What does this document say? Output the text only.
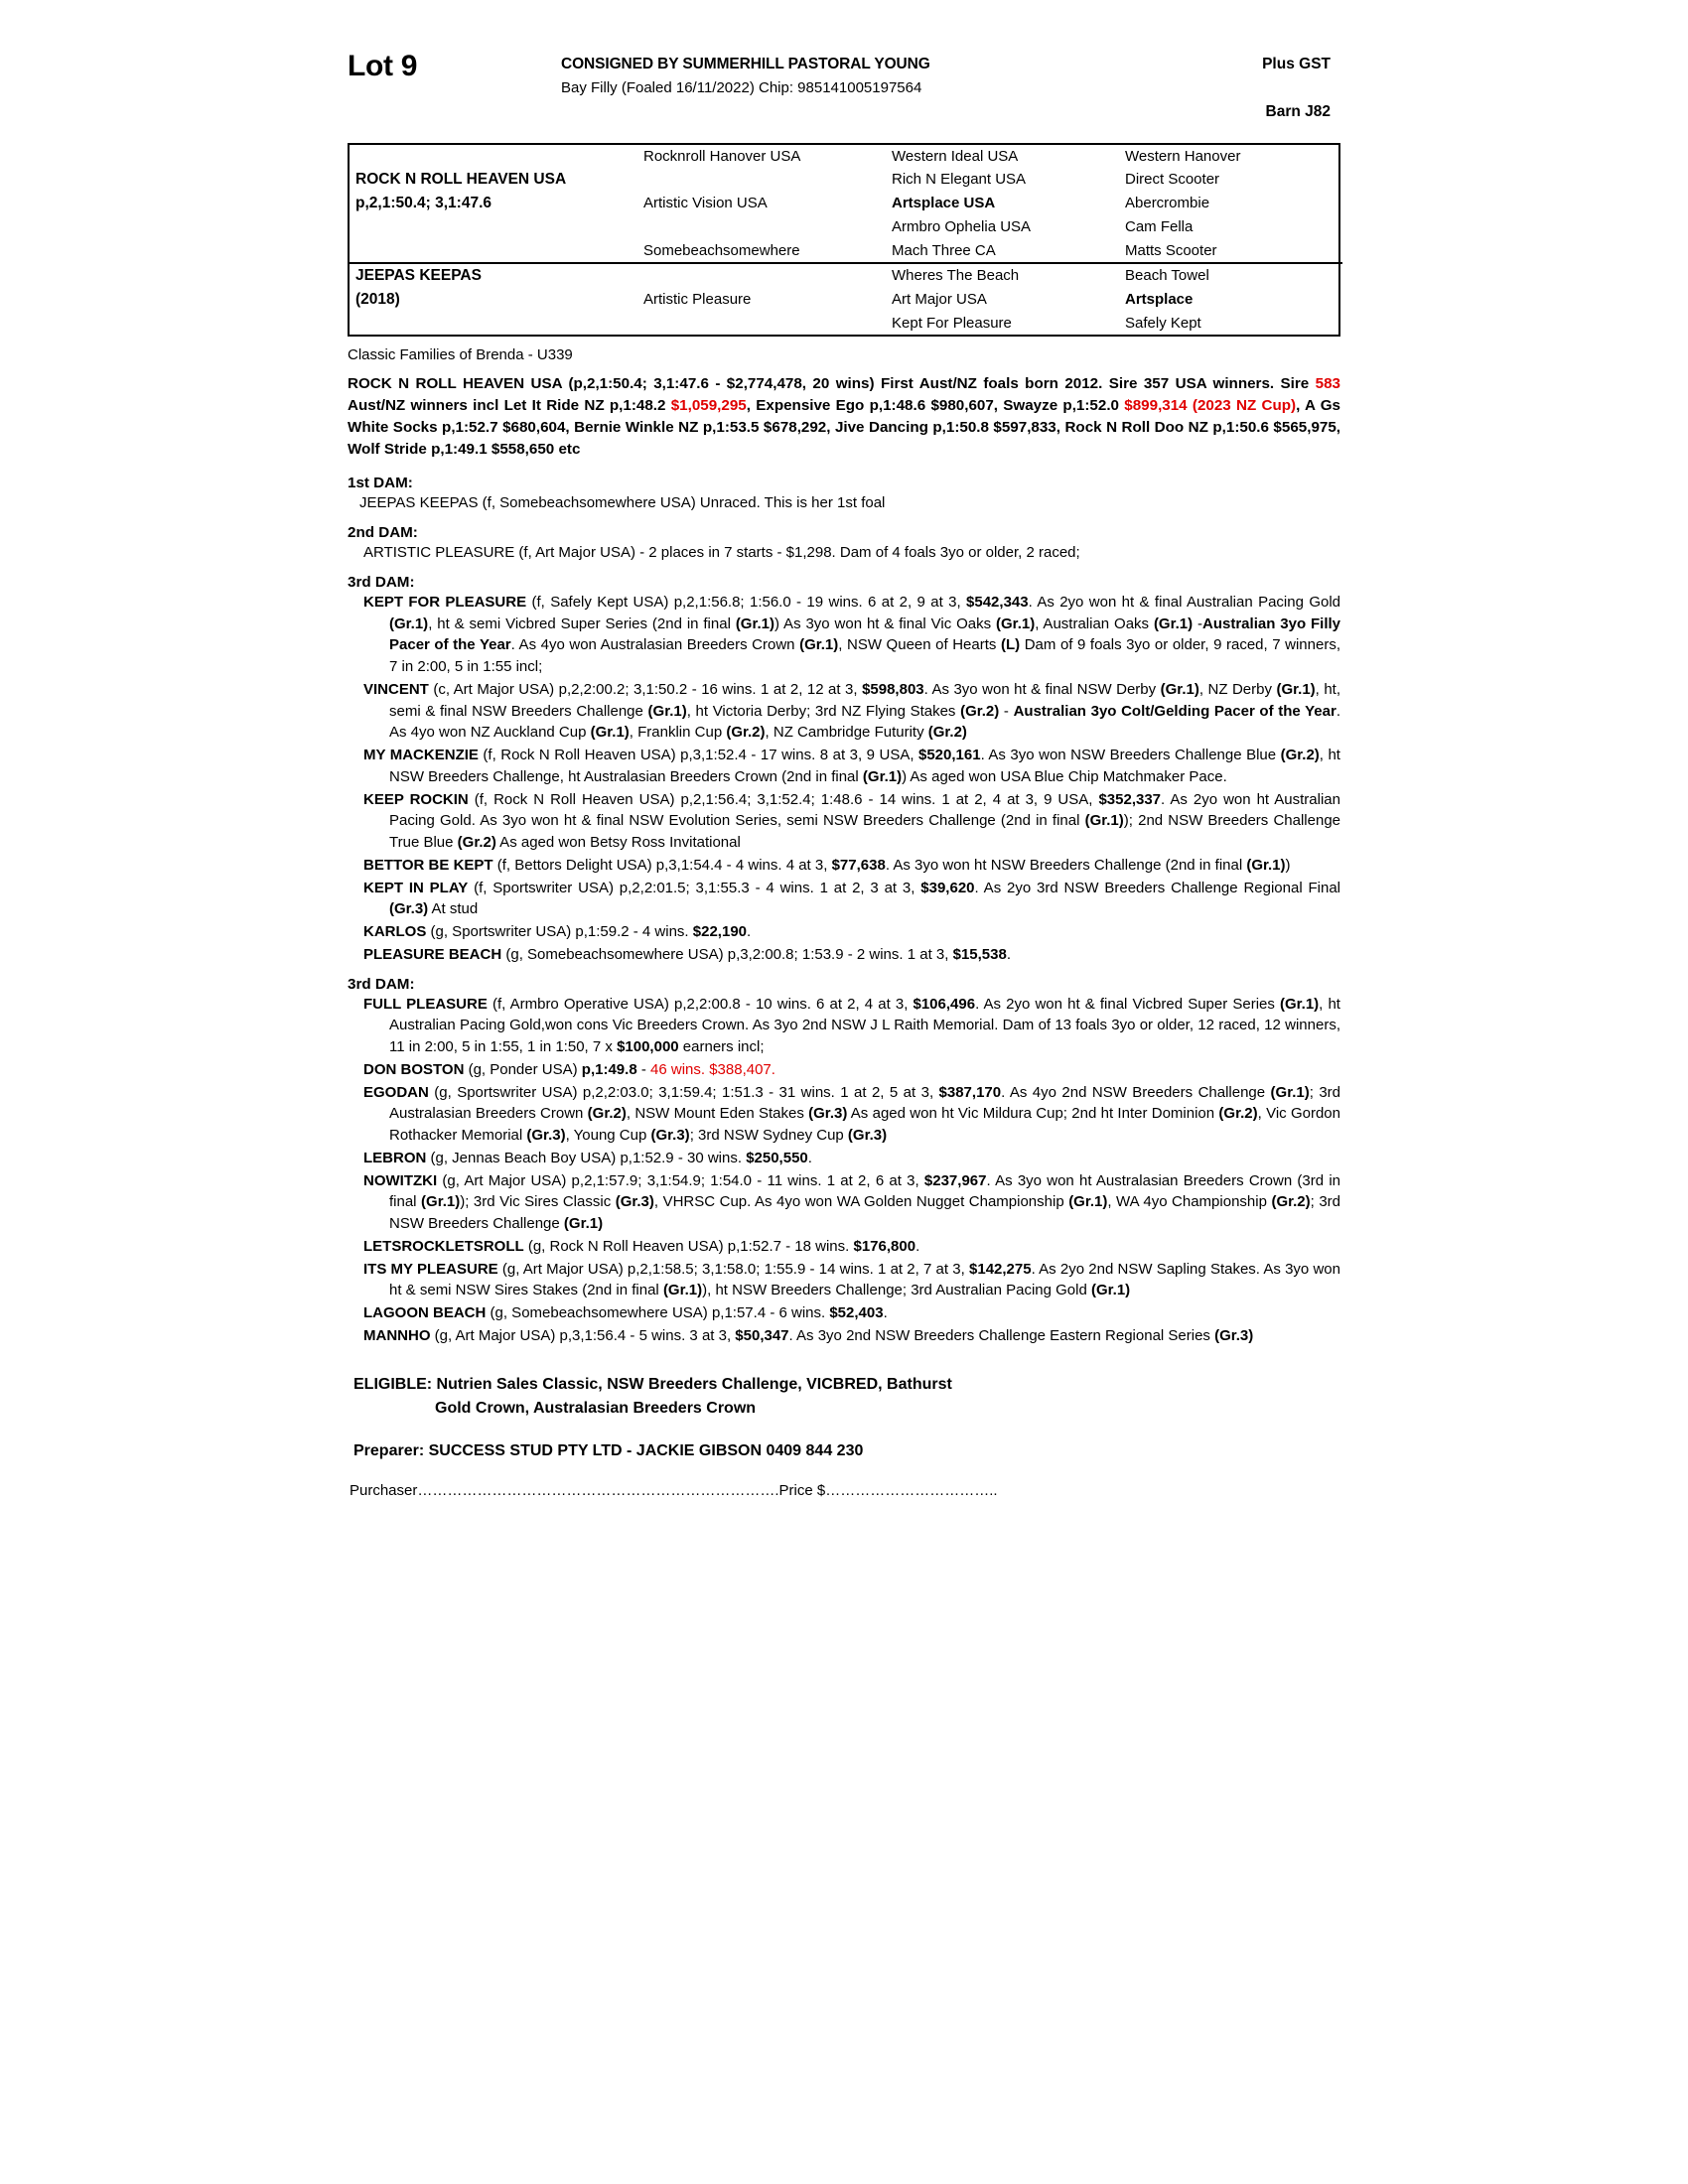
Lot 9	CONSIGNED BY SUMMERHILL PASTORAL YOUNG
Bay Filly (Foaled 16/11/2022) Chip: 985141005197564
Plus GST
Barn J82
	Rocknroll Hanover USA	Western Ideal USA	Western Hanover
ROCK N ROLL HEAVEN USA		Rich N Elegant USA	Direct Scooter
p,2,1:50.4; 3,1:47.6	Artistic Vision USA	Artsplace USA	Abercrombie
		Armbro Ophelia USA	Cam Fella
	Somebeachsomewhere	Mach Three CA	Matts Scooter
JEEPAS KEEPAS		Wheres The Beach	Beach Towel
(2018)	Artistic Pleasure	Art Major USA	Artsplace
		Kept For Pleasure	Safely Kept
Classic Families of Brenda - U339
ROCK N ROLL HEAVEN USA (p,2,1:50.4; 3,1:47.6 - $2,774,478, 20 wins) First Aust/NZ foals born 2012. Sire 357 USA winners. Sire 583 Aust/NZ winners incl Let It Ride NZ p,1:48.2 $1,059,295, Expensive Ego p,1:48.6 $980,607, Swayze p,1:52.0 $899,314 (2023 NZ Cup), A Gs White Socks p,1:52.7 $680,604, Bernie Winkle NZ p,1:53.5 $678,292, Jive Dancing p,1:50.8 $597,833, Rock N Roll Doo NZ p,1:50.6 $565,975, Wolf Stride p,1:49.1 $558,650 etc
1st DAM:
JEEPAS KEEPAS (f, Somebeachsomewhere USA) Unraced. This is her 1st foal
2nd DAM:
ARTISTIC PLEASURE (f, Art Major USA) - 2 places in 7 starts - $1,298. Dam of 4 foals 3yo or older, 2 raced;
3rd DAM:
KEPT FOR PLEASURE (f, Safely Kept USA) p,2,1:56.8; 1:56.0 - 19 wins. 6 at 2, 9 at 3, $542,343. As 2yo won ht & final Australian Pacing Gold (Gr.1), ht & semi Vicbred Super Series (2nd in final (Gr.1)) As 3yo won ht & final Vic Oaks (Gr.1), Australian Oaks (Gr.1) -Australian 3yo Filly Pacer of the Year. As 4yo won Australasian Breeders Crown (Gr.1), NSW Queen of Hearts (L) Dam of 9 foals 3yo or older, 9 raced, 7 winners, 7 in 2:00, 5 in 1:55 incl;
VINCENT (c, Art Major USA) p,2,2:00.2; 3,1:50.2 - 16 wins. 1 at 2, 12 at 3, $598,803. As 3yo won ht & final NSW Derby (Gr.1), NZ Derby (Gr.1), ht, semi & final NSW Breeders Challenge (Gr.1), ht Victoria Derby; 3rd NZ Flying Stakes (Gr.2) - Australian 3yo Colt/Gelding Pacer of the Year. As 4yo won NZ Auckland Cup (Gr.1), Franklin Cup (Gr.2), NZ Cambridge Futurity (Gr.2)
MY MACKENZIE (f, Rock N Roll Heaven USA) p,3,1:52.4 - 17 wins. 8 at 3, 9 USA, $520,161. As 3yo won NSW Breeders Challenge Blue (Gr.2), ht NSW Breeders Challenge, ht Australasian Breeders Crown (2nd in final (Gr.1)) As aged won USA Blue Chip Matchmaker Pace.
KEEP ROCKIN (f, Rock N Roll Heaven USA) p,2,1:56.4; 3,1:52.4; 1:48.6 - 14 wins. 1 at 2, 4 at 3, 9 USA, $352,337. As 2yo won ht Australian Pacing Gold. As 3yo won ht & final NSW Evolution Series, semi NSW Breeders Challenge (2nd in final (Gr.1)); 2nd NSW Breeders Challenge True Blue (Gr.2) As aged won Betsy Ross Invitational
BETTOR BE KEPT (f, Bettors Delight USA) p,3,1:54.4 - 4 wins. 4 at 3, $77,638. As 3yo won ht NSW Breeders Challenge (2nd in final (Gr.1))
KEPT IN PLAY (f, Sportswriter USA) p,2,2:01.5; 3,1:55.3 - 4 wins. 1 at 2, 3 at 3, $39,620. As 2yo 3rd NSW Breeders Challenge Regional Final (Gr.3) At stud
KARLOS (g, Sportswriter USA) p,1:59.2 - 4 wins. $22,190.
PLEASURE BEACH (g, Somebeachsomewhere USA) p,3,2:00.8; 1:53.9 - 2 wins. 1 at 3, $15,538.
3rd DAM:
FULL PLEASURE (f, Armbro Operative USA) p,2,2:00.8 - 10 wins. 6 at 2, 4 at 3, $106,496. As 2yo won ht & final Vicbred Super Series (Gr.1), ht Australian Pacing Gold,won cons Vic Breeders Crown. As 3yo 2nd NSW J L Raith Memorial. Dam of 13 foals 3yo or older, 12 raced, 12 winners, 11 in 2:00, 5 in 1:55, 1 in 1:50, 7 x $100,000 earners incl;
DON BOSTON (g, Ponder USA) p,1:49.8 - 46 wins. $388,407.
EGODAN (g, Sportswriter USA) p,2,2:03.0; 3,1:59.4; 1:51.3 - 31 wins. 1 at 2, 5 at 3, $387,170. As 4yo 2nd NSW Breeders Challenge (Gr.1); 3rd Australasian Breeders Crown (Gr.2), NSW Mount Eden Stakes (Gr.3) As aged won ht Vic Mildura Cup; 2nd ht Inter Dominion (Gr.2), Vic Gordon Rothacker Memorial (Gr.3), Young Cup (Gr.3); 3rd NSW Sydney Cup (Gr.3)
LEBRON (g, Jennas Beach Boy USA) p,1:52.9 - 30 wins. $250,550.
NOWITZKI (g, Art Major USA) p,2,1:57.9; 3,1:54.9; 1:54.0 - 11 wins. 1 at 2, 6 at 3, $237,967. As 3yo won ht Australasian Breeders Crown (3rd in final (Gr.1)); 3rd Vic Sires Classic (Gr.3), VHRSC Cup. As 4yo won WA Golden Nugget Championship (Gr.1), WA 4yo Championship (Gr.2); 3rd NSW Breeders Challenge (Gr.1)
LETSROCKLETSROLL (g, Rock N Roll Heaven USA) p,1:52.7 - 18 wins. $176,800.
ITS MY PLEASURE (g, Art Major USA) p,2,1:58.5; 3,1:58.0; 1:55.9 - 14 wins. 1 at 2, 7 at 3, $142,275. As 2yo 2nd NSW Sapling Stakes. As 3yo won ht & semi NSW Sires Stakes (2nd in final (Gr.1)), ht NSW Breeders Challenge; 3rd Australian Pacing Gold (Gr.1)
LAGOON BEACH (g, Somebeachsomewhere USA) p,1:57.4 - 6 wins. $52,403.
MANNHO (g, Art Major USA) p,3,1:56.4 - 5 wins. 3 at 3, $50,347. As 3yo 2nd NSW Breeders Challenge Eastern Regional Series (Gr.3)
ELIGIBLE: Nutrien Sales Classic, NSW Breeders Challenge, VICBRED, Bathurst
Gold Crown, Australasian Breeders Crown
Preparer: SUCCESS STUD PTY LTD - JACKIE GIBSON 0409 844 230
Purchaser……………………………………………………………….Price $……………………………..
